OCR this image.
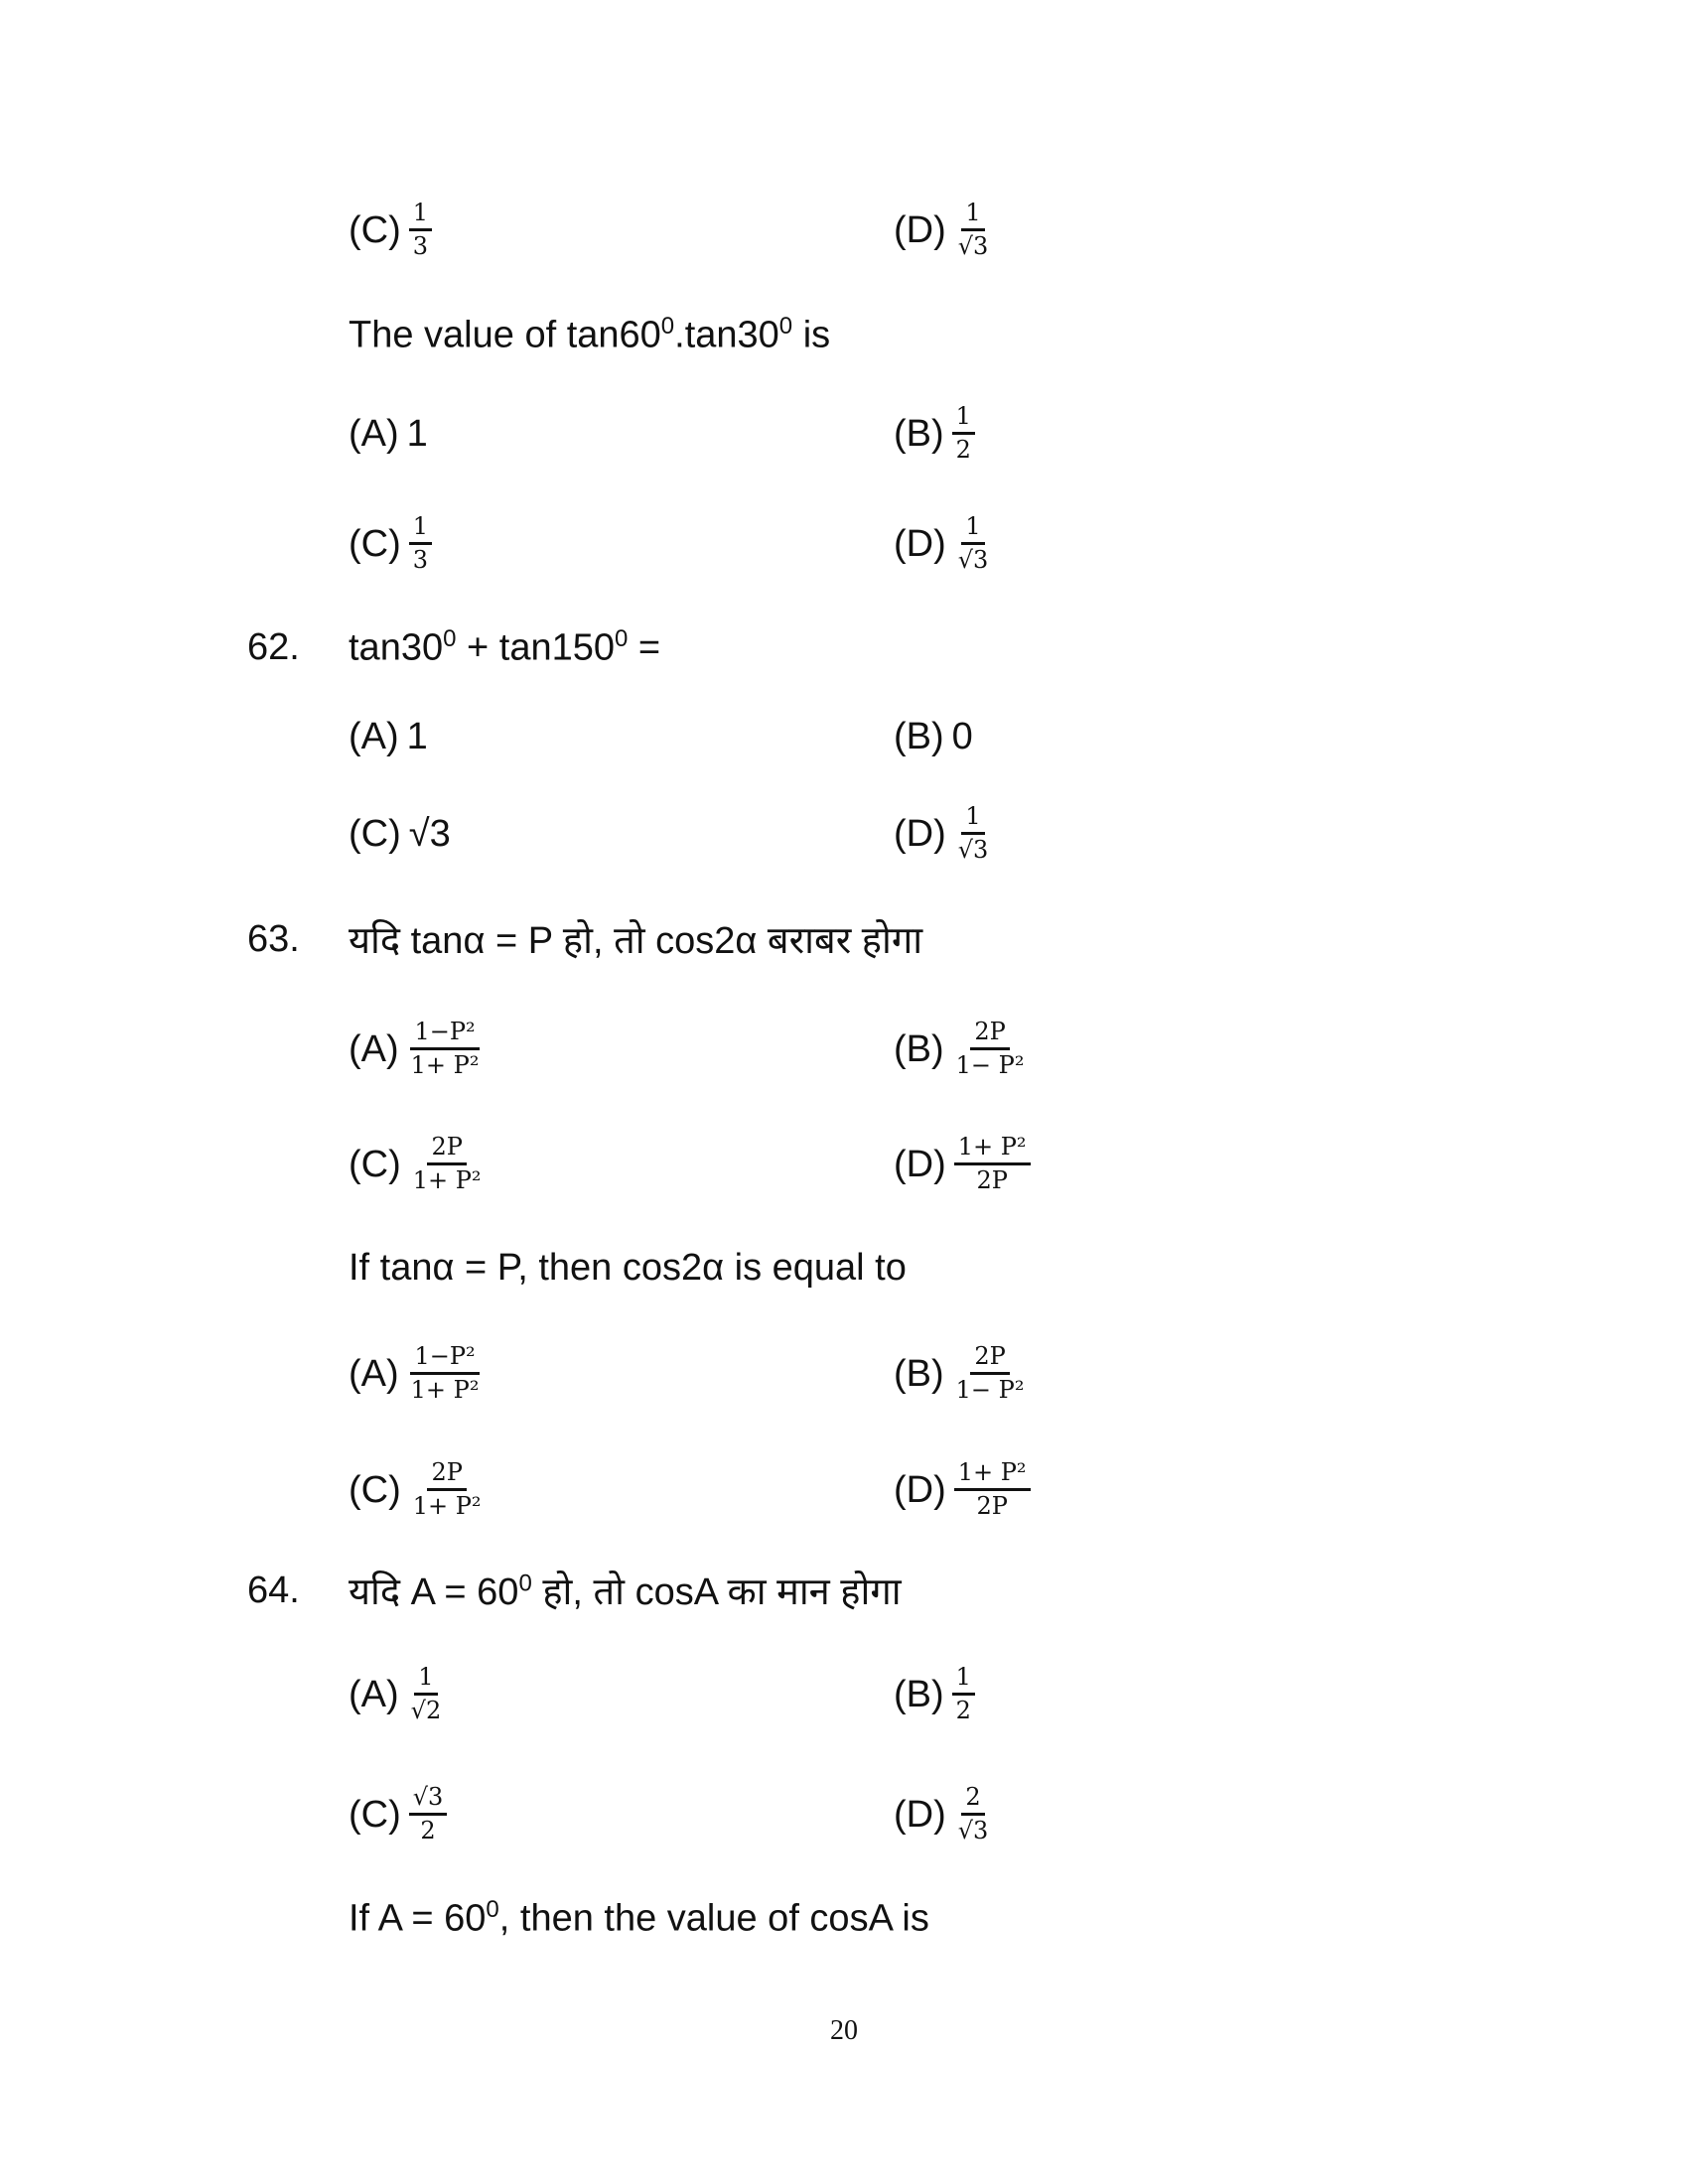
$(C) \frac{1}{3}$	$(D) \frac{1}{√3}$
The value of $\tan 60^0.\tan 30^0$ is
(A) 1	$(B) \frac{1}{2}$
$(C) \frac{1}{3}$	$(D) \frac{1}{√3}$
62. $\tan 30^0 + \tan 150^0$ =
(A) 1	(B) 0
(C) √3	$(D) \frac{1}{√3}$
63. यदि tanα = P हो, तो cos2α बराबर होगा
$(A) \frac{\text{1−P²}}{\text{1+ P²}}$	$(B) \frac{2P}{\text{1− P²}}$
$(C) \frac{2P}{\text{1+ P²}}$	$(D) \frac{\text{1+ P²}}{2P}$
If tanα = P, then cos2α is equal to
$(A) \frac{\text{1−P²}}{\text{1+ P²}}$	$(B) \frac{2P}{\text{1− P²}}$
$(C) \frac{2P}{\text{1+ P²}}$	$(D) \frac{\text{1+ P²}}{2P}$
64. यदि $A = 60^0$ हो, तो cosA का मान होगा
$(A) \frac{1}{√2}$	$(B) \frac{1}{2}$
$(C) \frac{√3}{2}$	$(D) \frac{2}{√3}$
If $A = 60^0$, then the value of cosA is
20
